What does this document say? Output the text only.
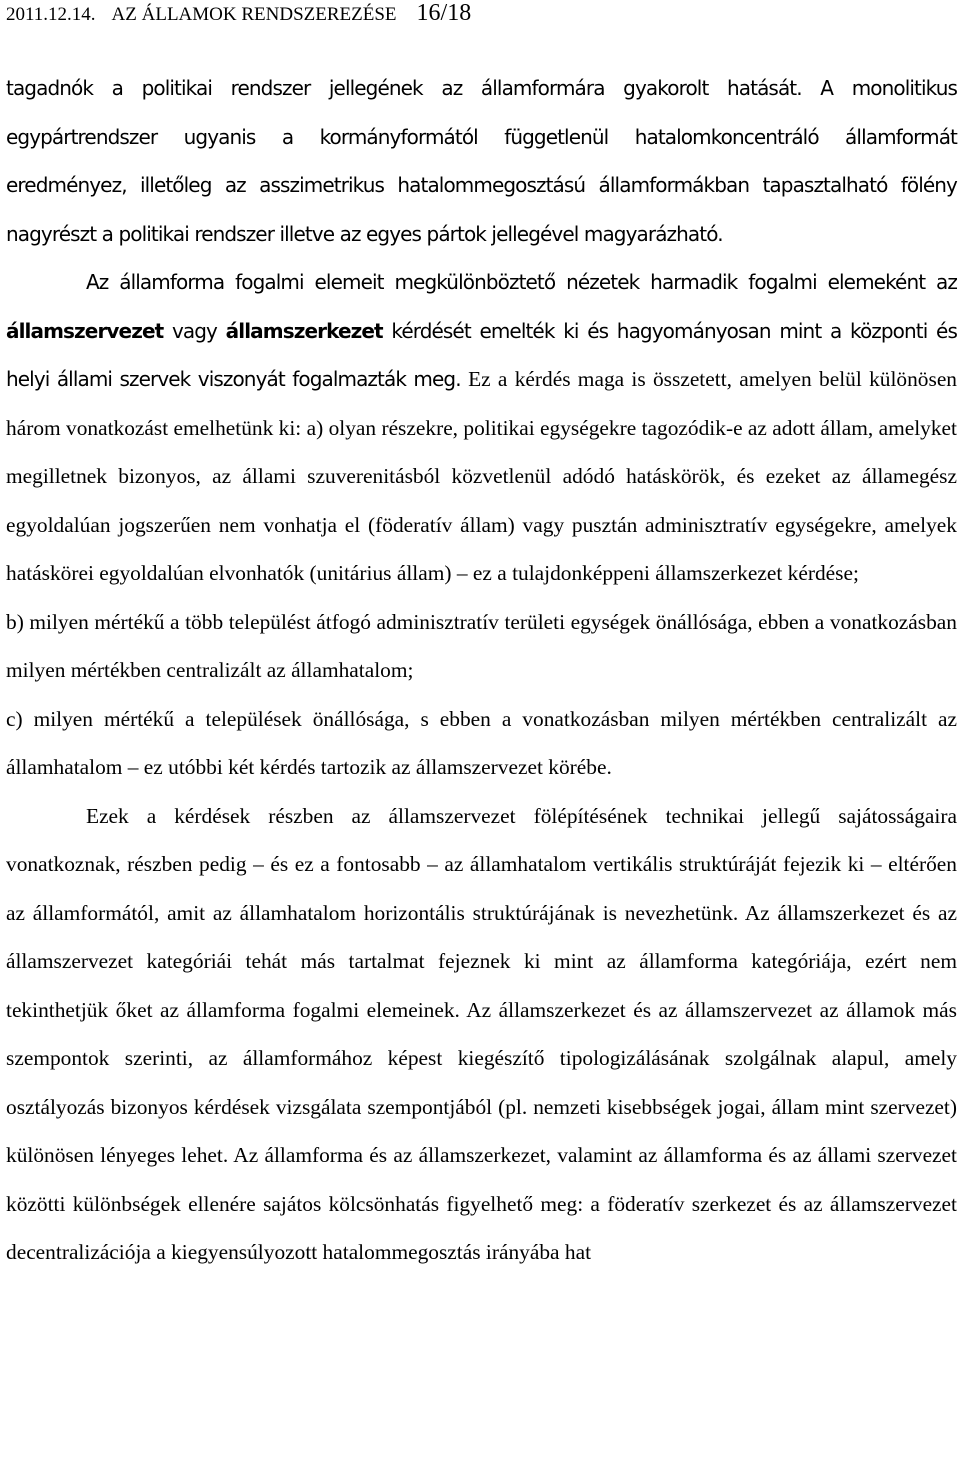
2011.12.14. AZ ÁLLAMOK RENDSZEREZÉSE 16/18

tagadnók a politikai rendszer jellegének az államformára gyakorolt hatását. A monolitikus egypártrendszer ugyanis a kormányformától függetlenül hatalomkoncentráló államformát eredményez, illetőleg az asszimetrikus hatalommegosztású államformákban tapasztalható fölény nagyrészt a politikai rendszer illetve az egyes pártok jellegével magyarázható.

Az államforma fogalmi elemeit megkülönböztető nézetek harmadik fogalmi elemeként az államszervezet vagy államszerkezet kérdését emelték ki és hagyományosan mint a központi és helyi állami szervek viszonyát fogalmazták meg. Ez a kérdés maga is összetett, amelyen belül különösen három vonatkozást emelhetünk ki: a) olyan részekre, politikai egységekre tagozódik-e az adott állam, amelyket megilletnek bizonyos, az állami szuverenitásból közvetlenül adódó hatáskörök, és ezeket az államegész egyoldalúan jogszerűen nem vonhatja el (föderatív állam) vagy pusztán adminisztratív egységekre, amelyek hatáskörei egyoldalúan elvonhatók (unitárius állam) – ez a tulajdonképpeni államszerkezet kérdése;

b) milyen mértékű a több települést átfogó adminisztratív területi egységek önállósága, ebben a vonatkozásban milyen mértékben centralizált az államhatalom;

c) milyen mértékű a települések önállósága, s ebben a vonatkozásban milyen mértékben centralizált az államhatalom – ez utóbbi két kérdés tartozik az államszervezet körébe.

Ezek a kérdések részben az államszervezet fölépítésének technikai jellegű sajátosságaira vonatkoznak, részben pedig – és ez a fontosabb – az államhatalom vertikális struktúráját fejezik ki – eltérően az államformától, amit az államhatalom horizontális struktúrájának is nevezhetünk. Az államszerkezet és az államszervezet kategóriái tehát más tartalmat fejeznek ki mint az államforma kategóriája, ezért nem tekinthetjük őket az államforma fogalmi elemeinek. Az államszerkezet és az államszervezet az államok más szempontok szerinti, az államformához képest kiegészítő tipologizálásának szolgálnak alapul, amely osztályozás bizonyos kérdések vizsgálata szempontjából (pl. nemzeti kisebbségek jogai, állam mint szervezet) különösen lényeges lehet. Az államforma és az államszerkezet, valamint az államforma és az állami szervezet közötti különbségek ellenére sajátos kölcsönhatás figyelhető meg: a föderatív szerkezet és az államszervezet decentralizációja a kiegyensúlyozott hatalommegosztás irányába hat
